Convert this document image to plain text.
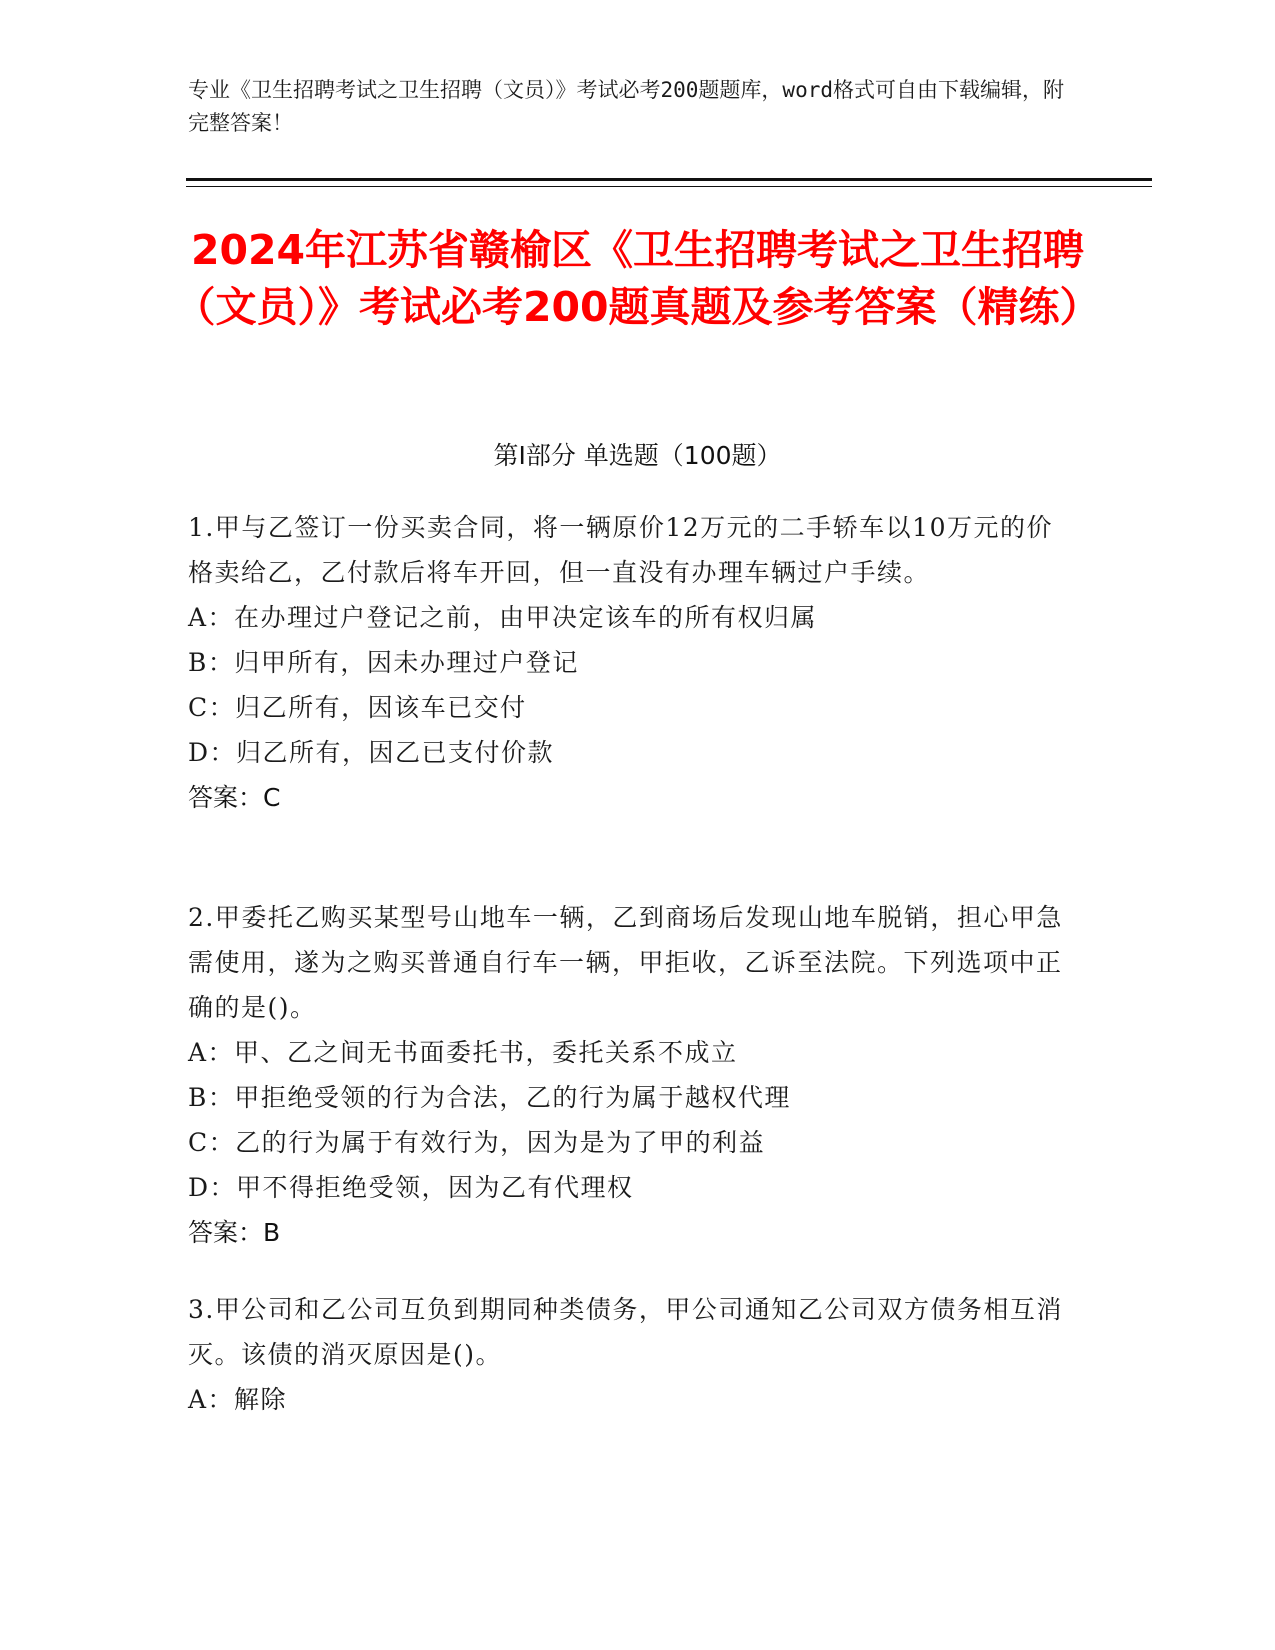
专业《卫生招聘考试之卫生招聘（文员）》考试必考200题题库，word格式可自由下载编辑，附完整答案！
2024年江苏省赣榆区《卫生招聘考试之卫生招聘（文员）》考试必考200题真题及参考答案（精练）
第Ⅰ部分 单选题（100题）
1.甲与乙签订一份买卖合同，将一辆原价12万元的二手轿车以10万元的价格卖给乙，乙付款后将车开回，但一直没有办理车辆过户手续。
A：在办理过户登记之前，由甲决定该车的所有权归属
B：归甲所有，因未办理过户登记
C：归乙所有，因该车已交付
D：归乙所有，因乙已支付价款
答案：C
2.甲委托乙购买某型号山地车一辆，乙到商场后发现山地车脱销，担心甲急需使用，遂为之购买普通自行车一辆，甲拒收，乙诉至法院。下列选项中正确的是()。
A：甲、乙之间无书面委托书，委托关系不成立
B：甲拒绝受领的行为合法，乙的行为属于越权代理
C：乙的行为属于有效行为，因为是为了甲的利益
D：甲不得拒绝受领，因为乙有代理权
答案：B
3.甲公司和乙公司互负到期同种类债务，甲公司通知乙公司双方债务相互消灭。该债的消灭原因是()。
A：解除
